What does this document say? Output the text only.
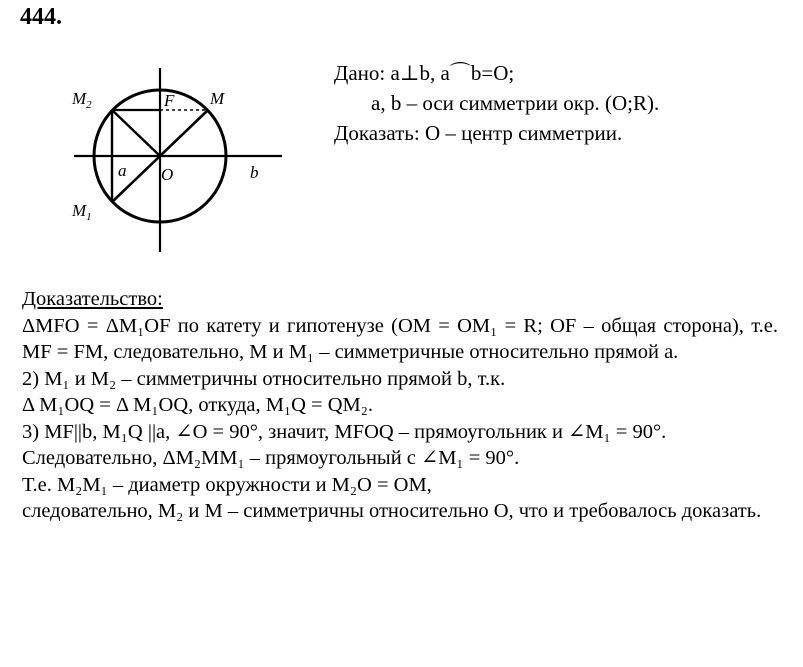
444.
$M_2$	F M
a O	b
$M_1$
Дано: a⊥b, a⌒b=O;
a, b – оси симметрии окр. (O;R).
Доказать: O – центр симметрии.

Доказательство:

ΔMFO = ΔM₁OF по катету и гипотенузе (OM = OM₁ = R; OF – общая сторона), т.е. MF = FM, следовательно, M и M₁ – симметричные относительно прямой a.

2) M₁ и M₂ – симметричны относительно прямой b, т.к.

Δ M₁OQ = Δ M₁OQ, откуда, M₁Q = QM₂.

3) MF||b, M₁Q ||a, ∠O = 90°, значит, MFOQ – прямоугольник и ∠M₁ = 90°.

Следовательно, ΔM₂MM₁ – прямоугольный с ∠M₁ = 90°.

Т.е. M₂M₁ – диаметр окружности и M₂O = OM,

следовательно, M₂ и M – симметричны относительно O, что и требовалось доказать.
